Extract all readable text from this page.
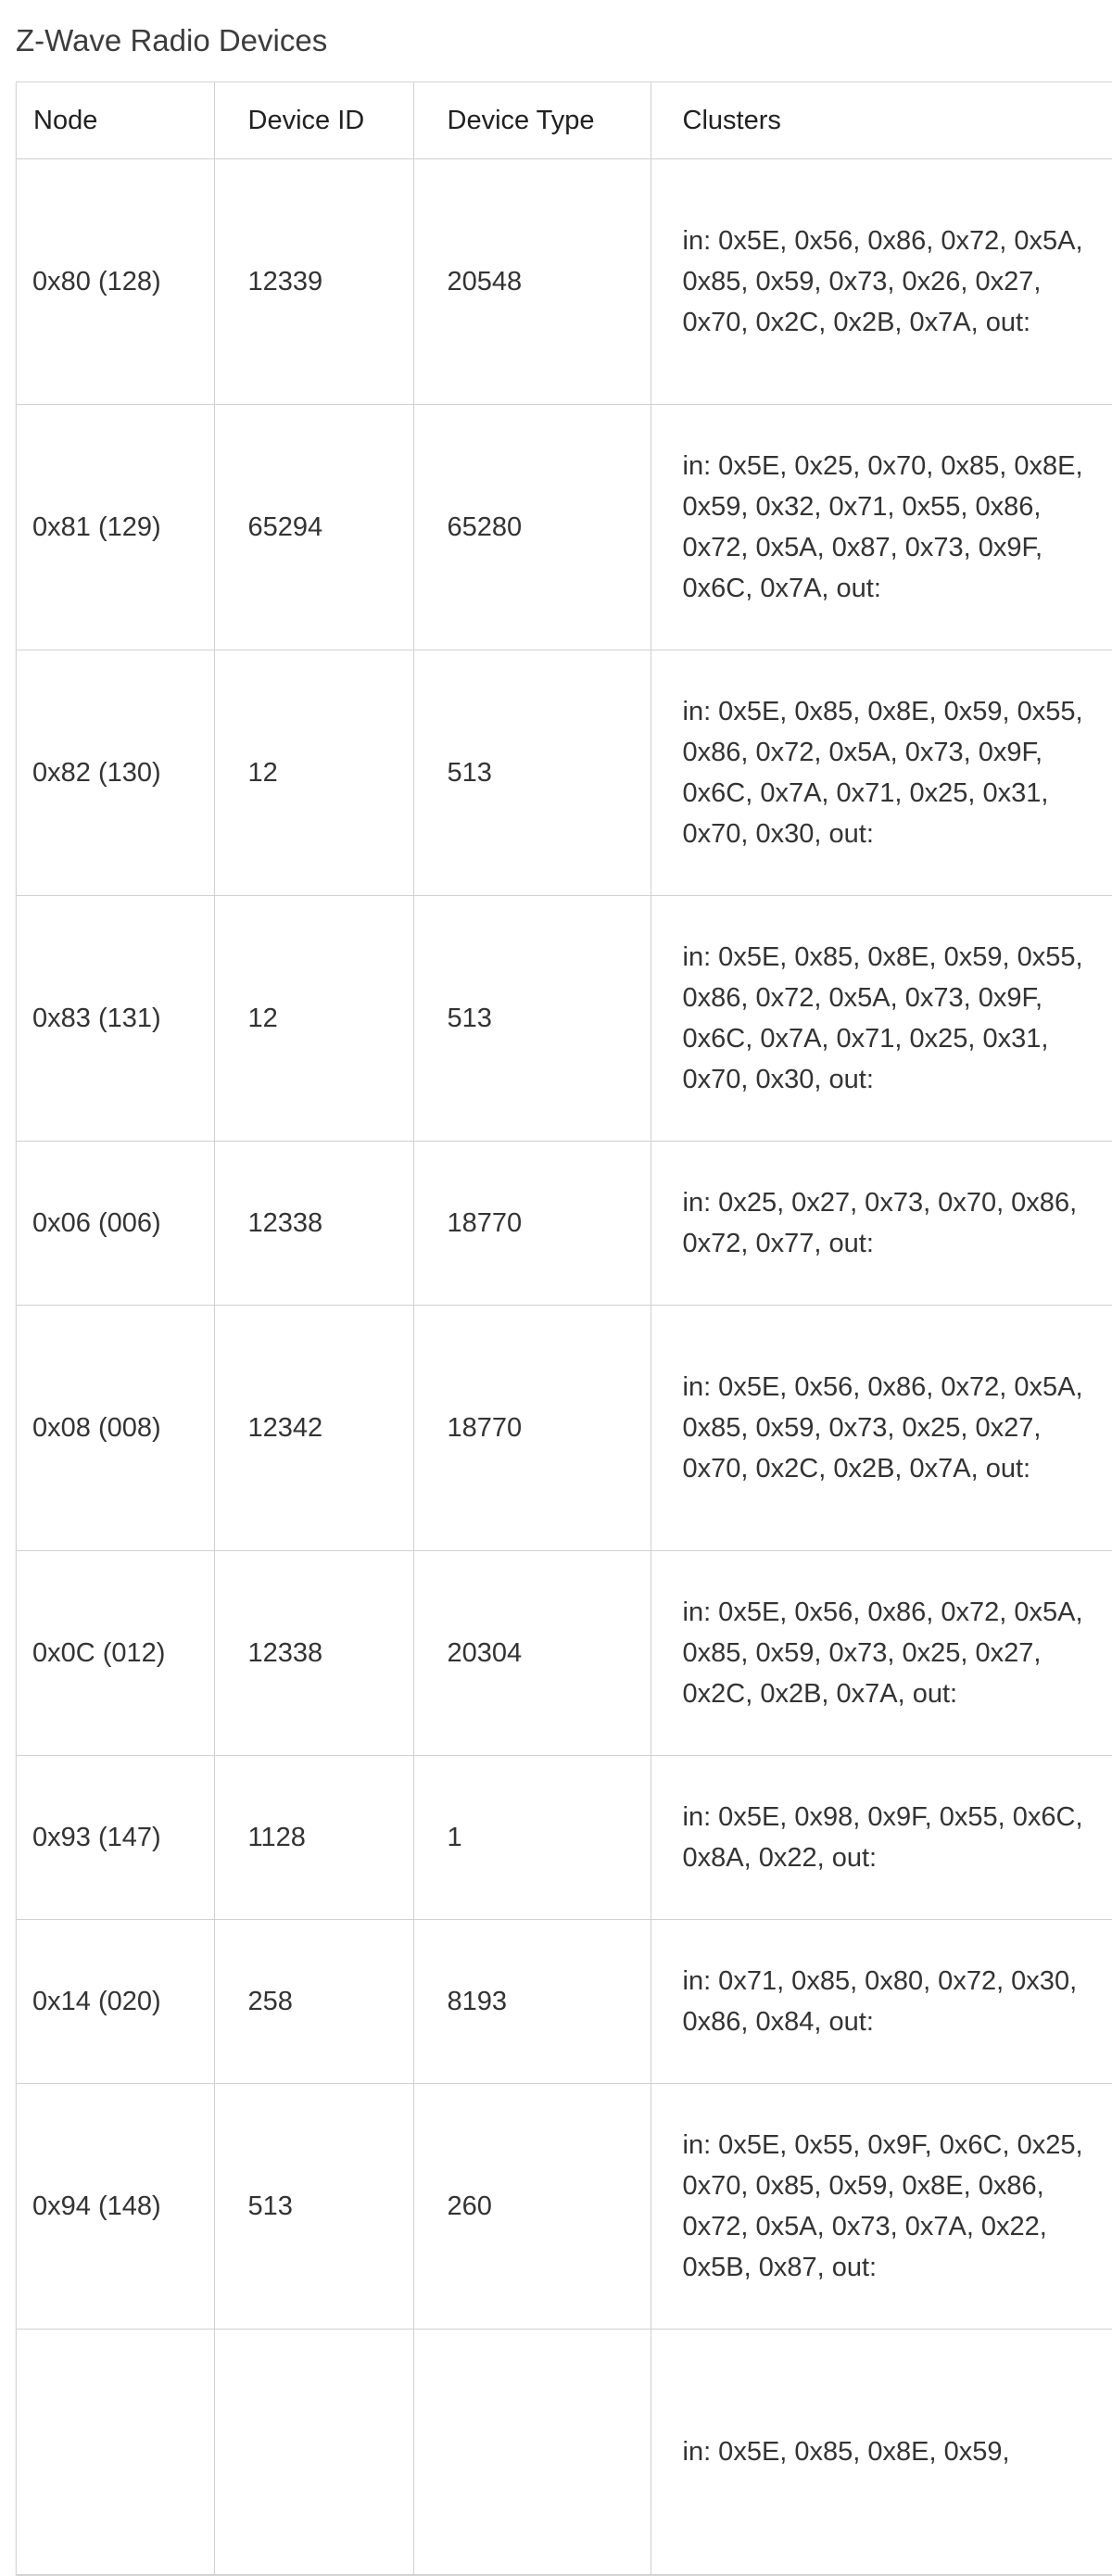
Z-Wave Radio Devices
Node	Device ID	Device Type	Clusters
0x80 (128)	12339	20548	in: 0x5E, 0x56, 0x86, 0x72, 0x5A, 0x85, 0x59, 0x73, 0x26, 0x27, 0x70, 0x2C, 0x2B, 0x7A, out:
0x81 (129)	65294	65280	in: 0x5E, 0x25, 0x70, 0x85, 0x8E, 0x59, 0x32, 0x71, 0x55, 0x86, 0x72, 0x5A, 0x87, 0x73, 0x9F, 0x6C, 0x7A, out:
0x82 (130)	12	513	in: 0x5E, 0x85, 0x8E, 0x59, 0x55, 0x86, 0x72, 0x5A, 0x73, 0x9F, 0x6C, 0x7A, 0x71, 0x25, 0x31, 0x70, 0x30, out:
0x83 (131)	12	513	in: 0x5E, 0x85, 0x8E, 0x59, 0x55, 0x86, 0x72, 0x5A, 0x73, 0x9F, 0x6C, 0x7A, 0x71, 0x25, 0x31, 0x70, 0x30, out:
0x06 (006)	12338	18770	in: 0x25, 0x27, 0x73, 0x70, 0x86, 0x72, 0x77, out:
0x08 (008)	12342	18770	in: 0x5E, 0x56, 0x86, 0x72, 0x5A, 0x85, 0x59, 0x73, 0x25, 0x27, 0x70, 0x2C, 0x2B, 0x7A, out:
0x0C (012)	12338	20304	in: 0x5E, 0x56, 0x86, 0x72, 0x5A, 0x85, 0x59, 0x73, 0x25, 0x27, 0x2C, 0x2B, 0x7A, out:
0x93 (147)	1128	1	in: 0x5E, 0x98, 0x9F, 0x55, 0x6C, 0x8A, 0x22, out:
0x14 (020)	258	8193	in: 0x71, 0x85, 0x80, 0x72, 0x30, 0x86, 0x84, out:
0x94 (148)	513	260	in: 0x5E, 0x55, 0x9F, 0x6C, 0x25, 0x70, 0x85, 0x59, 0x8E, 0x86, 0x72, 0x5A, 0x73, 0x7A, 0x22, 0x5B, 0x87, out:
			in: 0x5E, 0x85, 0x8E, 0x59,
